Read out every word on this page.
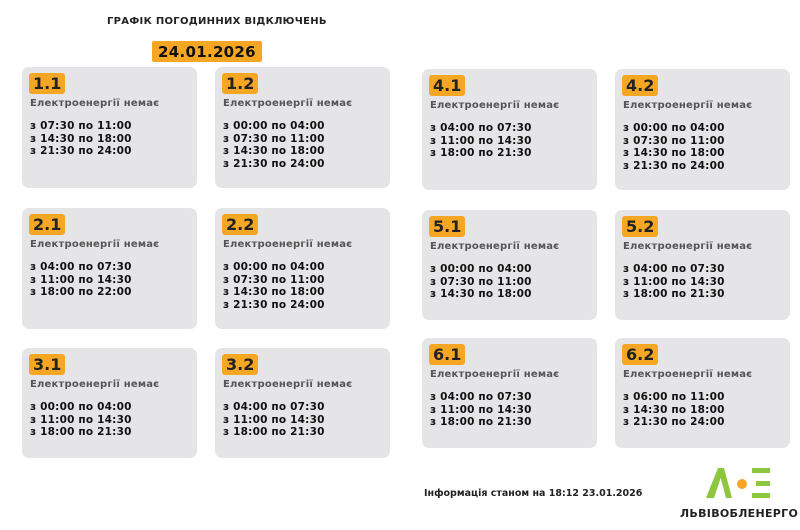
ГРАФІК ПОГОДИННИХ ВІДКЛЮЧЕНЬ
24.01.2026
1.1
Електроенергії немає
з 07:30 по 11:00
з 14:30 по 18:00
з 21:30 по 24:00
1.2
Електроенергії немає
з 00:00 по 04:00
з 07:30 по 11:00
з 14:30 по 18:00
з 21:30 по 24:00
2.1
Електроенергії немає
з 04:00 по 07:30
з 11:00 по 14:30
з 18:00 по 22:00
2.2
Електроенергії немає
з 00:00 по 04:00
з 07:30 по 11:00
з 14:30 по 18:00
з 21:30 по 24:00
3.1
Електроенергії немає
з 00:00 по 04:00
з 11:00 по 14:30
з 18:00 по 21:30
3.2
Електроенергії немає
з 04:00 по 07:30
з 11:00 по 14:30
з 18:00 по 21:30
4.1
Електроенергії немає
з 04:00 по 07:30
з 11:00 по 14:30
з 18:00 по 21:30
4.2
Електроенергії немає
з 00:00 по 04:00
з 07:30 по 11:00
з 14:30 по 18:00
з 21:30 по 24:00
5.1
Електроенергії немає
з 00:00 по 04:00
з 07:30 по 11:00
з 14:30 по 18:00
5.2
Електроенергії немає
з 04:00 по 07:30
з 11:00 по 14:30
з 18:00 по 21:30
6.1
Електроенергії немає
з 04:00 по 07:30
з 11:00 по 14:30
з 18:00 по 21:30
6.2
Електроенергії немає
з 06:00 по 11:00
з 14:30 по 18:00
з 21:30 по 24:00
Інформація станом на 18:12 23.01.2026
ЛЬВІВОБЛЕНЕРГО
